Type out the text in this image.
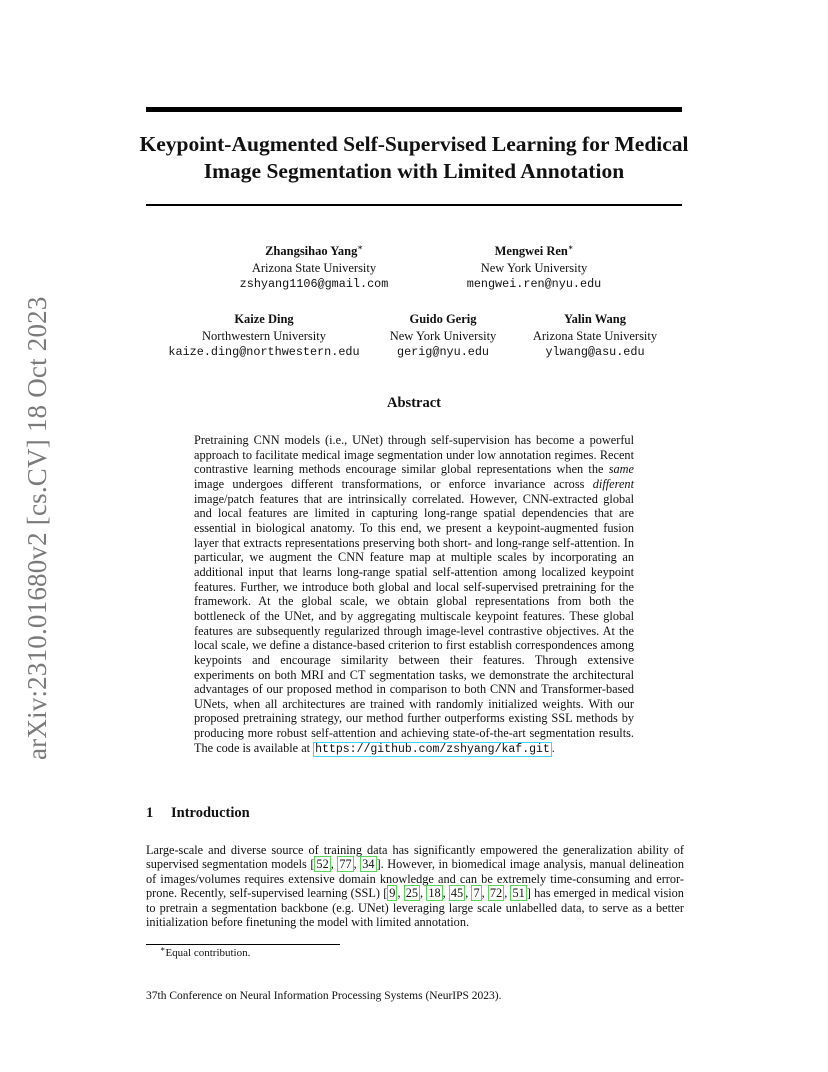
arXiv:2310.01680v2 [cs.CV] 18 Oct 2023
Keypoint-Augmented Self-Supervised Learning for Medical Image Segmentation with Limited Annotation
Zhangsihao Yang∗
Arizona State University
zshyang1106@gmail.com
Mengwei Ren∗
New York University
mengwei.ren@nyu.edu
Kaize Ding
Northwestern University
kaize.ding@northwestern.edu
Guido Gerig
New York University
gerig@nyu.edu
Yalin Wang
Arizona State University
ylwang@asu.edu
Abstract
Pretraining CNN models (i.e., UNet) through self-supervision has become a powerful approach to facilitate medical image segmentation under low annotation regimes. Recent contrastive learning methods encourage similar global representations when the same image undergoes different transformations, or enforce invariance across different image/patch features that are intrinsically correlated. However, CNN-extracted global and local features are limited in capturing long-range spatial dependencies that are essential in biological anatomy. To this end, we present a keypoint-augmented fusion layer that extracts representations preserving both short- and long-range self-attention. In particular, we augment the CNN feature map at multiple scales by incorporating an additional input that learns long-range spatial self-attention among localized keypoint features. Further, we introduce both global and local self-supervised pretraining for the framework. At the global scale, we obtain global representations from both the bottleneck of the UNet, and by aggregating multiscale keypoint features. These global features are subsequently regularized through image-level contrastive objectives. At the local scale, we define a distance-based criterion to first establish correspondences among keypoints and encourage similarity between their features. Through extensive experiments on both MRI and CT segmentation tasks, we demonstrate the architectural advantages of our proposed method in comparison to both CNN and Transformer-based UNets, when all architectures are trained with randomly initialized weights. With our proposed pretraining strategy, our method further outperforms existing SSL methods by producing more robust self-attention and achieving state-of-the-art segmentation results. The code is available at https://github.com/zshyang/kaf.git .
1 Introduction
Large-scale and diverse source of training data has significantly empowered the generalization ability of supervised segmentation models [ 52 , 77 , 34 ]. However, in biomedical image analysis, manual delineation of images/volumes requires extensive domain knowledge and can be extremely time-consuming and error-prone. Recently, self-supervised learning (SSL) [ 9 , 25 , 18 , 45 , 7 , 72 , 51 ] has emerged in medical vision to pretrain a segmentation backbone (e.g. UNet) leveraging large scale unlabelled data, to serve as a better initialization before finetuning the model with limited annotation.
∗Equal contribution.
37th Conference on Neural Information Processing Systems (NeurIPS 2023).
